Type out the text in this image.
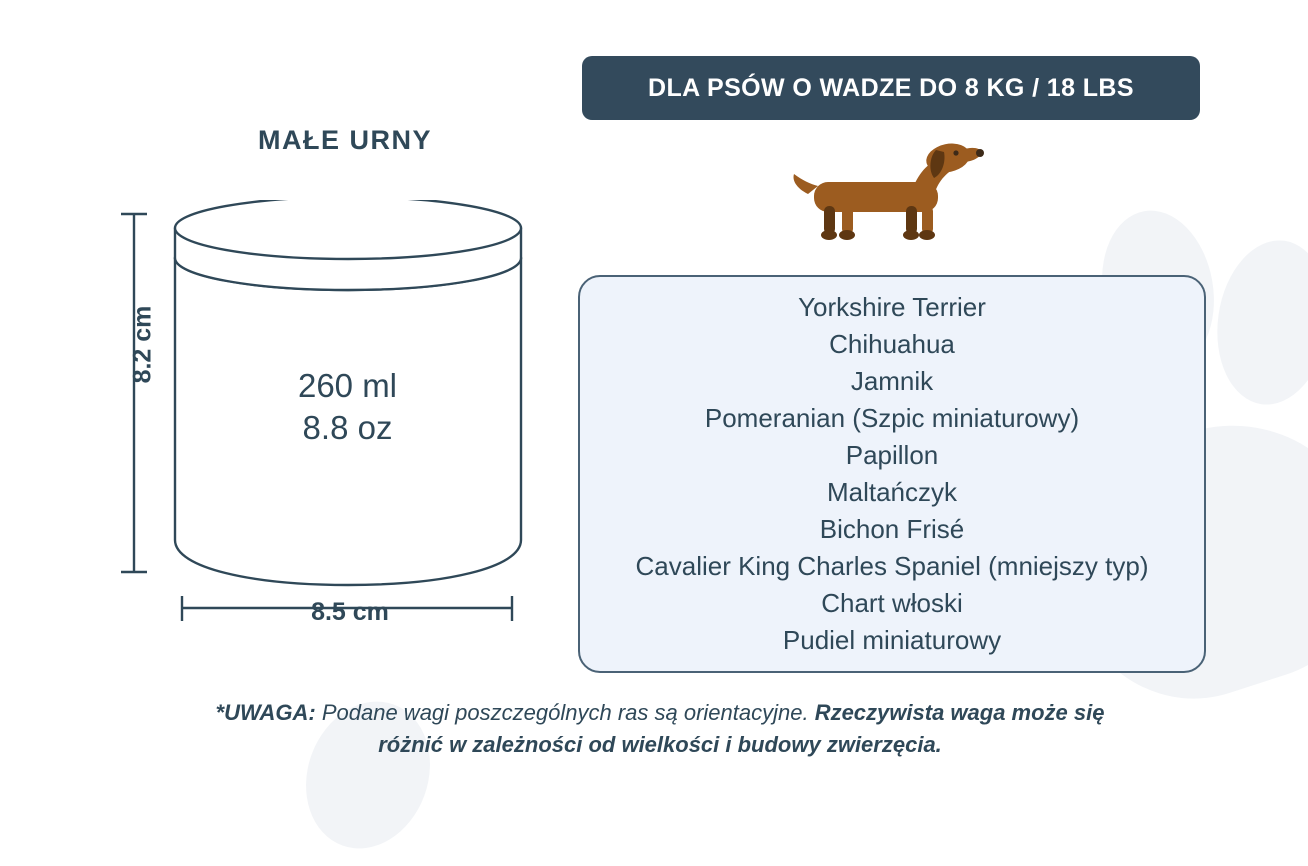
MAŁE URNY
260 ml
8.8 oz
8.2 cm
8.5 cm
DLA PSÓW O WADZE DO 8 KG / 18 LBS
Yorkshire Terrier
Chihuahua
Jamnik
Pomeranian (Szpic miniaturowy)
Papillon
Maltańczyk
Bichon Frisé
Cavalier King Charles Spaniel (mniejszy typ)
Chart włoski
Pudiel miniaturowy
*UWAGA: Podane wagi poszczególnych ras są orientacyjne. Rzeczywista waga może się różnić w zależności od wielkości i budowy zwierzęcia.
